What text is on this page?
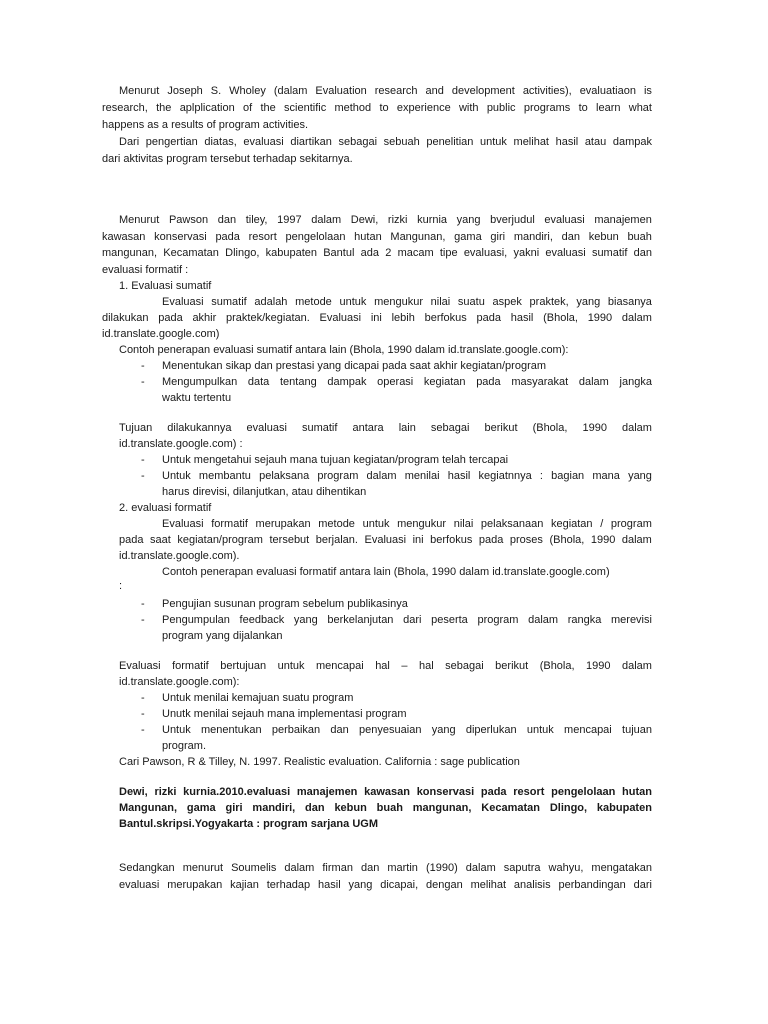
Menurut Joseph S. Wholey (dalam Evaluation research and development activities), evaluatiaon is
research, the aplplication of the scientific method to experience with public programs to learn what
happens as a results of program activities.
Dari pengertian diatas, evaluasi diartikan sebagai sebuah penelitian untuk melihat hasil atau dampak
dari aktivitas program tersebut terhadap sekitarnya.
Menurut Pawson dan tiley, 1997 dalam Dewi, rizki kurnia yang bverjudul evaluasi manajemen
kawasan konservasi pada resort pengelolaan hutan Mangunan, gama giri mandiri, dan kebun buah
mangunan, Kecamatan Dlingo, kabupaten Bantul ada 2 macam tipe evaluasi, yakni evaluasi sumatif dan
evaluasi formatif :
1. Evaluasi sumatif
Evaluasi sumatif adalah metode untuk mengukur nilai suatu aspek praktek, yang biasanya
dilakukan pada akhir praktek/kegiatan. Evaluasi ini lebih berfokus pada hasil (Bhola, 1990 dalam
id.translate.google.com)
Contoh penerapan evaluasi sumatif antara lain (Bhola, 1990 dalam id.translate.google.com):
- Menentukan sikap dan prestasi yang dicapai pada saat akhir kegiatan/program
- Mengumpulkan data tentang dampak operasi kegiatan pada masyarakat dalam jangka
waktu tertentu
Tujuan dilakukannya evaluasi sumatif antara lain sebagai berikut (Bhola, 1990 dalam
id.translate.google.com) :
- Untuk mengetahui sejauh mana tujuan kegiatan/program telah tercapai
- Untuk membantu pelaksana program dalam menilai hasil kegiatnnya : bagian mana yang
harus direvisi, dilanjutkan, atau dihentikan
2. evaluasi formatif
Evaluasi formatif merupakan metode untuk mengukur nilai pelaksanaan kegiatan / program
pada saat kegiatan/program tersebut berjalan. Evaluasi ini berfokus pada proses (Bhola, 1990 dalam
id.translate.google.com).
Contoh penerapan evaluasi formatif antara lain (Bhola, 1990 dalam id.translate.google.com)
:
- Pengujian susunan program sebelum publikasinya
- Pengumpulan feedback yang berkelanjutan dari peserta program dalam rangka merevisi
program yang dijalankan
Evaluasi formatif bertujuan untuk mencapai hal – hal sebagai berikut (Bhola, 1990 dalam
id.translate.google.com):
- Untuk menilai kemajuan suatu program
- Unutk menilai sejauh mana implementasi program
- Untuk menentukan perbaikan dan penyesuaian yang diperlukan untuk mencapai tujuan
program.
Cari Pawson, R & Tilley, N. 1997. Realistic evaluation. California : sage publication
Dewi, rizki kurnia.2010.evaluasi manajemen kawasan konservasi pada resort pengelolaan hutan
Mangunan, gama giri mandiri, dan kebun buah mangunan, Kecamatan Dlingo, kabupaten
Bantul.skripsi.Yogyakarta : program sarjana UGM
Sedangkan menurut Soumelis dalam firman dan martin (1990) dalam saputra wahyu, mengatakan
evaluasi merupakan kajian terhadap hasil yang dicapai, dengan melihat analisis perbandingan dari
